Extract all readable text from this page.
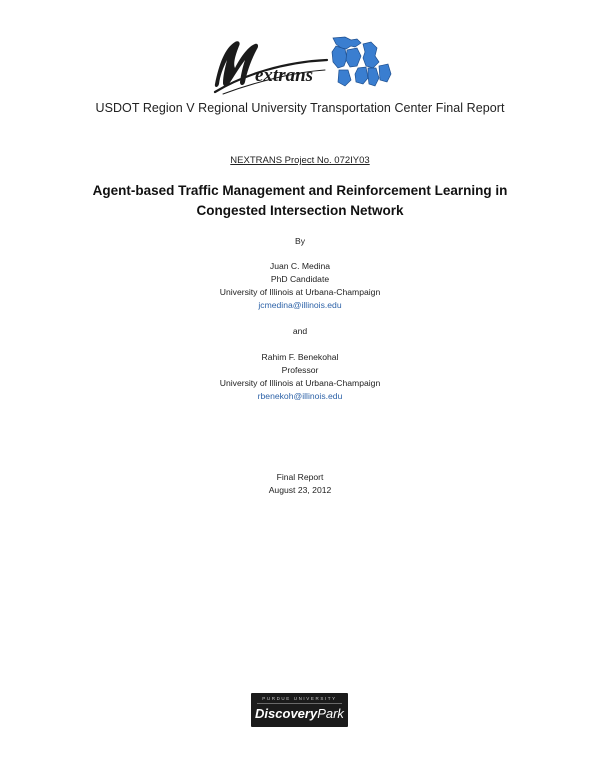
extrans
USDOT Region V Regional University Transportation Center Final Report
NEXTRANS Project No. 072IY03
Agent-based Traffic Management and Reinforcement Learning in
Congested Intersection Network
By
Juan C. Medina
PhD Candidate
University of Illinois at Urbana-Champaign
jcmedina@illinois.edu
and
Rahim F. Benekohal
Professor
University of Illinois at Urbana-Champaign
rbenekoh@illinois.edu
Final Report
August 23, 2012
PURDUE UNIVERSITY
DiscoveryPark
